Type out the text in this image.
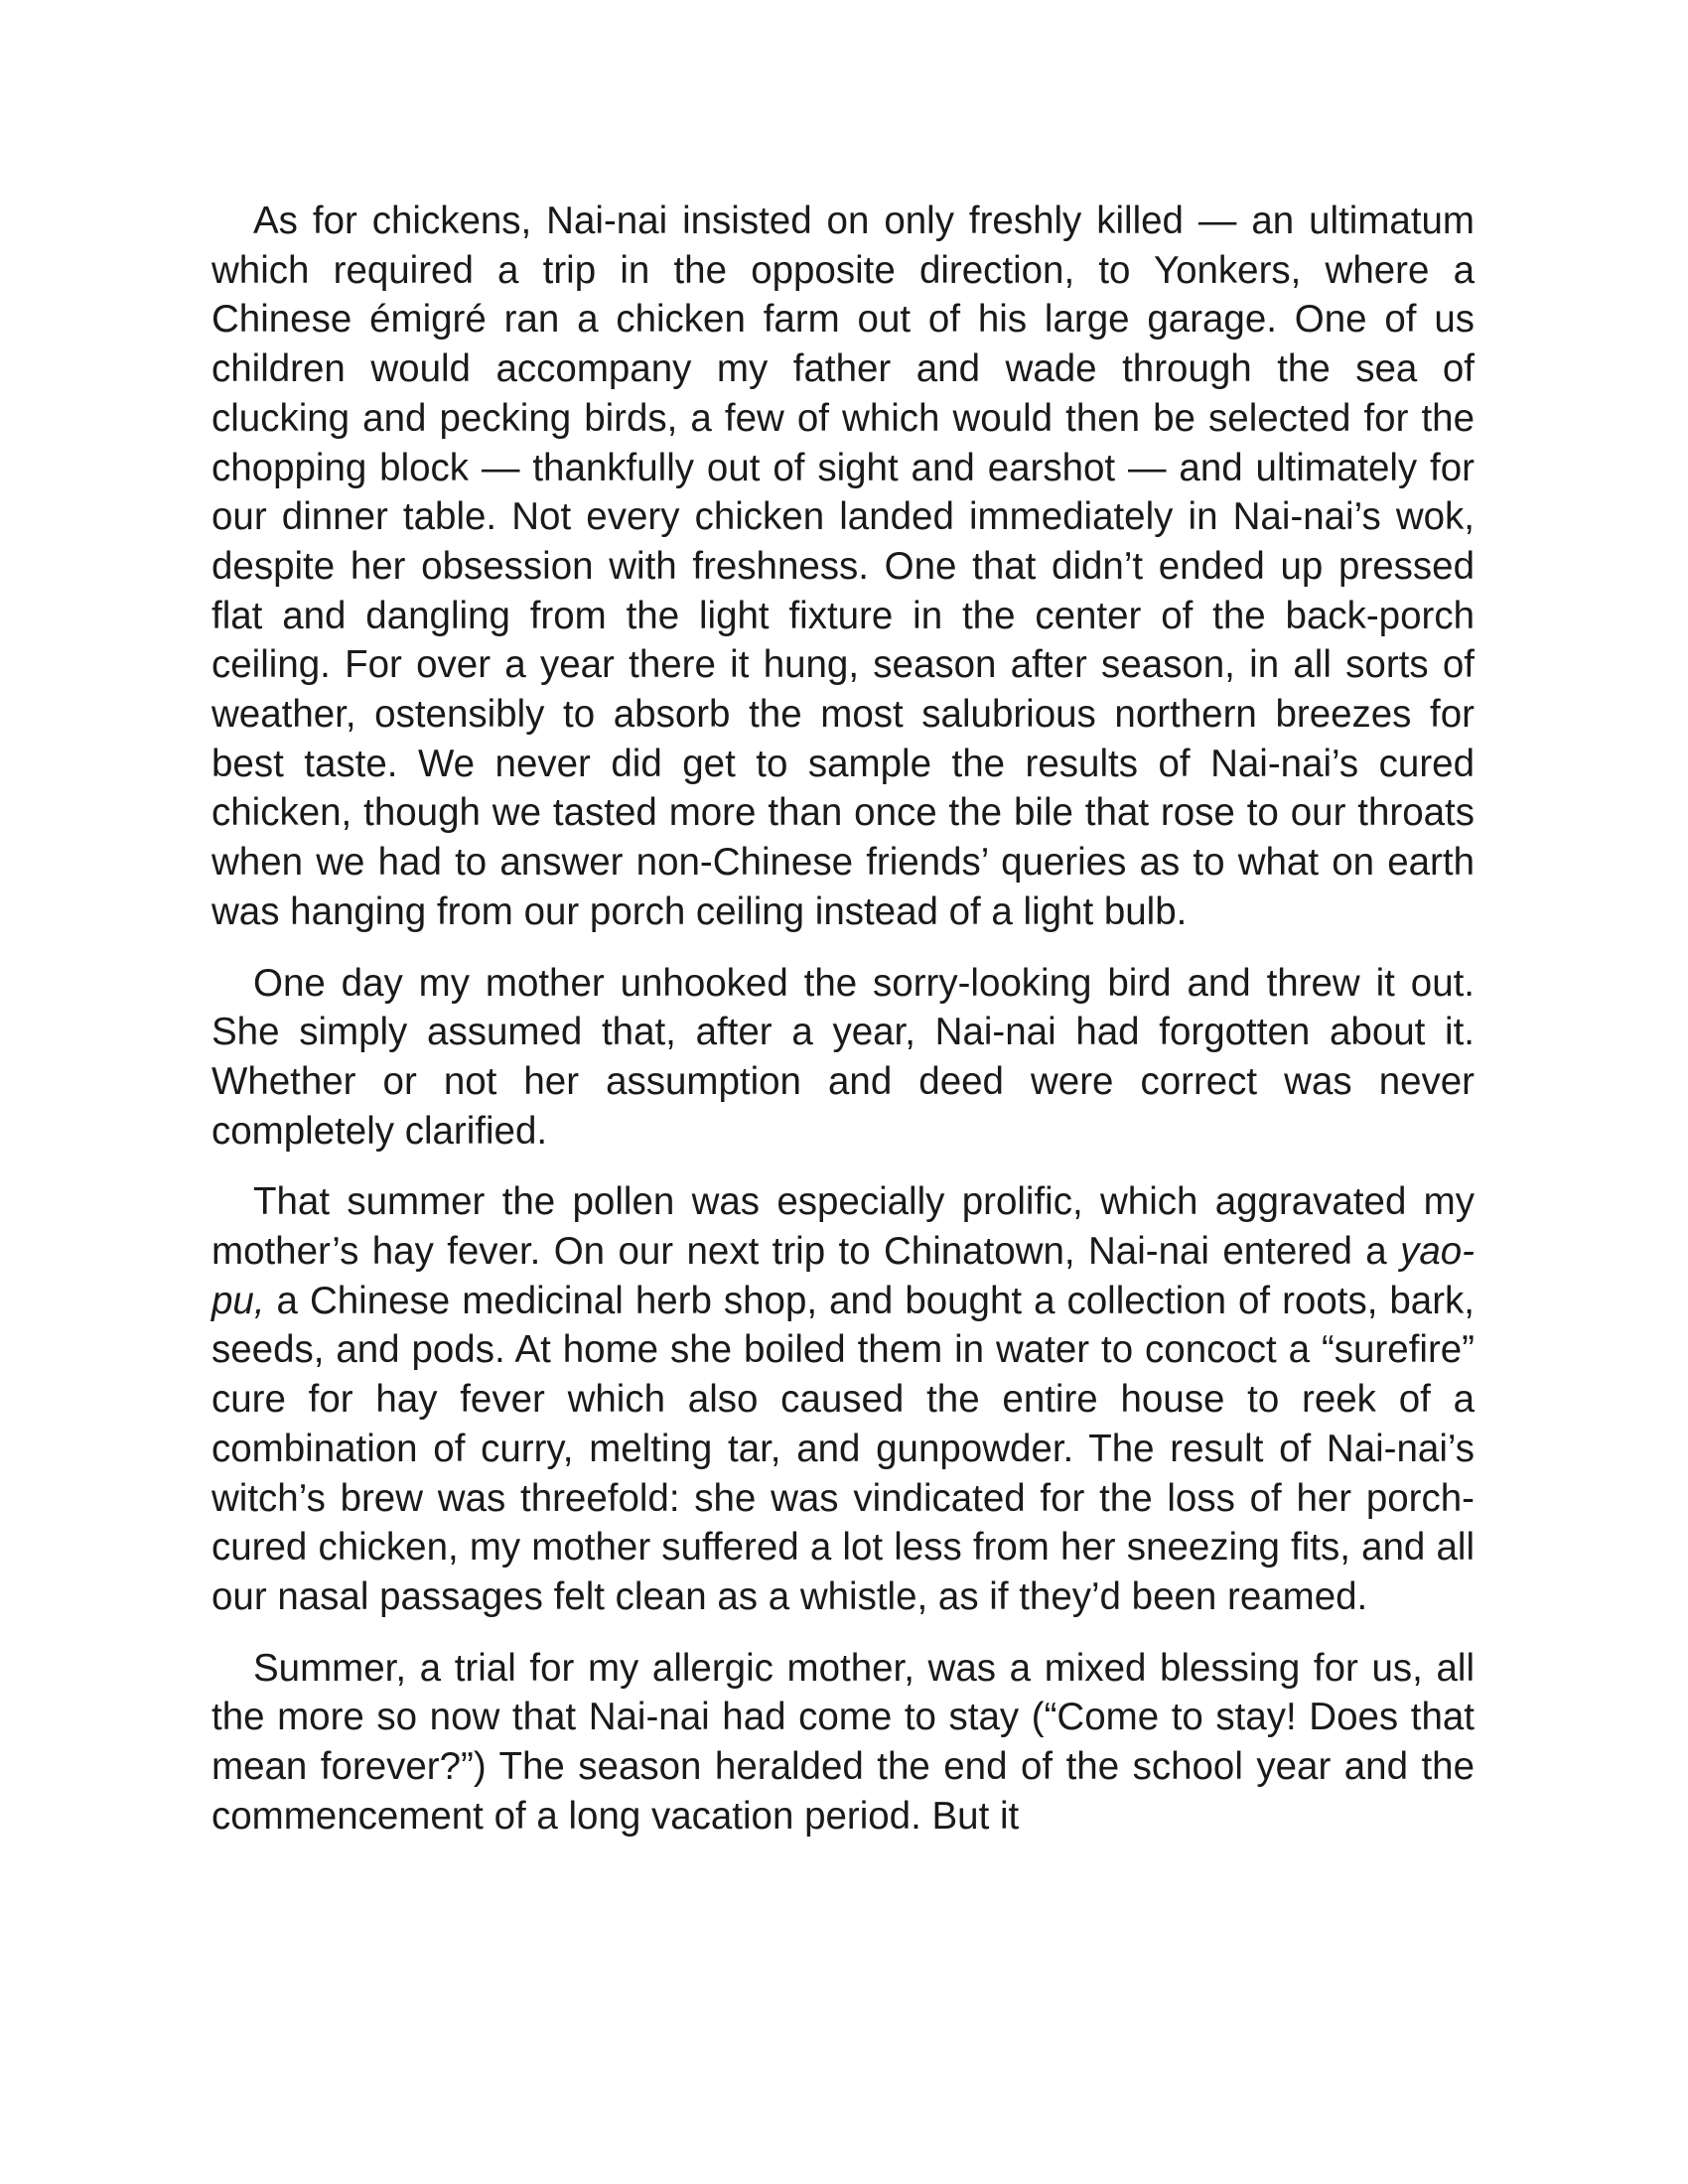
As for chickens, Nai-nai insisted on only freshly killed — an ultimatum which required a trip in the opposite direction, to Yonkers, where a Chinese émigré ran a chicken farm out of his large garage. One of us children would accompany my father and wade through the sea of clucking and pecking birds, a few of which would then be selected for the chopping block — thankfully out of sight and earshot — and ultimately for our dinner table. Not every chicken landed immediately in Nai-nai’s wok, despite her obsession with freshness. One that didn’t ended up pressed flat and dangling from the light fixture in the center of the back-porch ceiling. For over a year there it hung, season after season, in all sorts of weather, ostensibly to absorb the most salubrious northern breezes for best taste. We never did get to sample the results of Nai-nai’s cured chicken, though we tasted more than once the bile that rose to our throats when we had to answer non-Chinese friends’ queries as to what on earth was hanging from our porch ceiling instead of a light bulb.

One day my mother unhooked the sorry-looking bird and threw it out. She simply assumed that, after a year, Nai-nai had forgotten about it. Whether or not her assumption and deed were correct was never completely clarified.

That summer the pollen was especially prolific, which aggravated my mother’s hay fever. On our next trip to Chinatown, Nai-nai entered a yao-pu, a Chinese medicinal herb shop, and bought a collection of roots, bark, seeds, and pods. At home she boiled them in water to concoct a “surefire” cure for hay fever which also caused the entire house to reek of a combination of curry, melting tar, and gunpowder. The result of Nai-nai’s witch’s brew was threefold: she was vindicated for the loss of her porch-cured chicken, my mother suffered a lot less from her sneezing fits, and all our nasal passages felt clean as a whistle, as if they’d been reamed.

Summer, a trial for my allergic mother, was a mixed blessing for us, all the more so now that Nai-nai had come to stay (“Come to stay! Does that mean forever?”) The season heralded the end of the school year and the commencement of a long vacation period. But it
